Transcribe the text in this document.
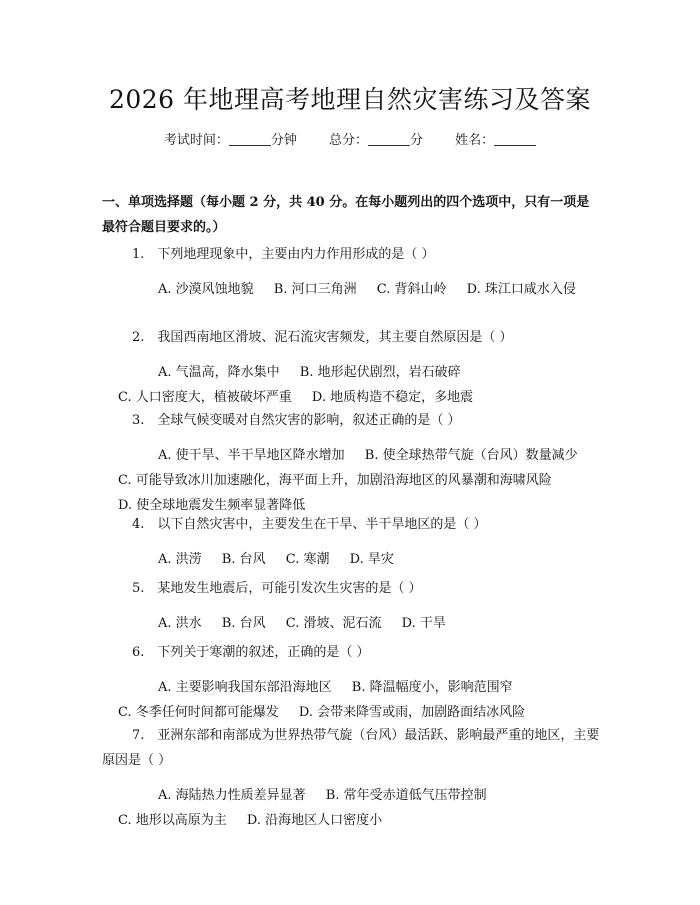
2026 年地理高考地理自然灾害练习及答案
考试时间：	分钟 总分：	分 姓名：
一、单项选择题（每小题 2 分，共 40 分。在每小题列出的四个选项中，只有一项是最符合题目要求的。）
1.　下列地理现象中，主要由内力作用形成的是（ ）
A. 沙漠风蚀地貌 B. 河口三角洲 C. 背斜山岭 D. 珠江口咸水入侵
2.　我国西南地区滑坡、泥石流灾害频发，其主要自然原因是（ ）
A. 气温高，降水集中 B. 地形起伏剧烈，岩石破碎 C. 人口密度大，植被破坏严重 D. 地质构造不稳定，多地震
3.　全球气候变暖对自然灾害的影响，叙述正确的是（ ）
A. 使干旱、半干旱地区降水增加 B. 使全球热带气旋（台风）数量减少 C. 可能导致冰川加速融化，海平面上升，加剧沿海地区的风暴潮和海啸风险 D. 使全球地震发生频率显著降低
4.　以下自然灾害中，主要发生在干旱、半干旱地区的是（ ）
A. 洪涝 B. 台风 C. 寒潮 D. 旱灾
5.　某地发生地震后，可能引发次生灾害的是（ ）
A. 洪水 B. 台风 C. 滑坡、泥石流 D. 干旱
6.　下列关于寒潮的叙述，正确的是（ ）
A. 主要影响我国东部沿海地区 B. 降温幅度小，影响范围窄 C. 冬季任何时间都可能爆发 D. 会带来降雪或雨，加剧路面结冰风险
7.　亚洲东部和南部成为世界热带气旋（台风）最活跃、影响最严重的地区，主要原因是（ ）
A. 海陆热力性质差异显著 B. 常年受赤道低气压带控制 C. 地形以高原为主 D. 沿海地区人口密度小
